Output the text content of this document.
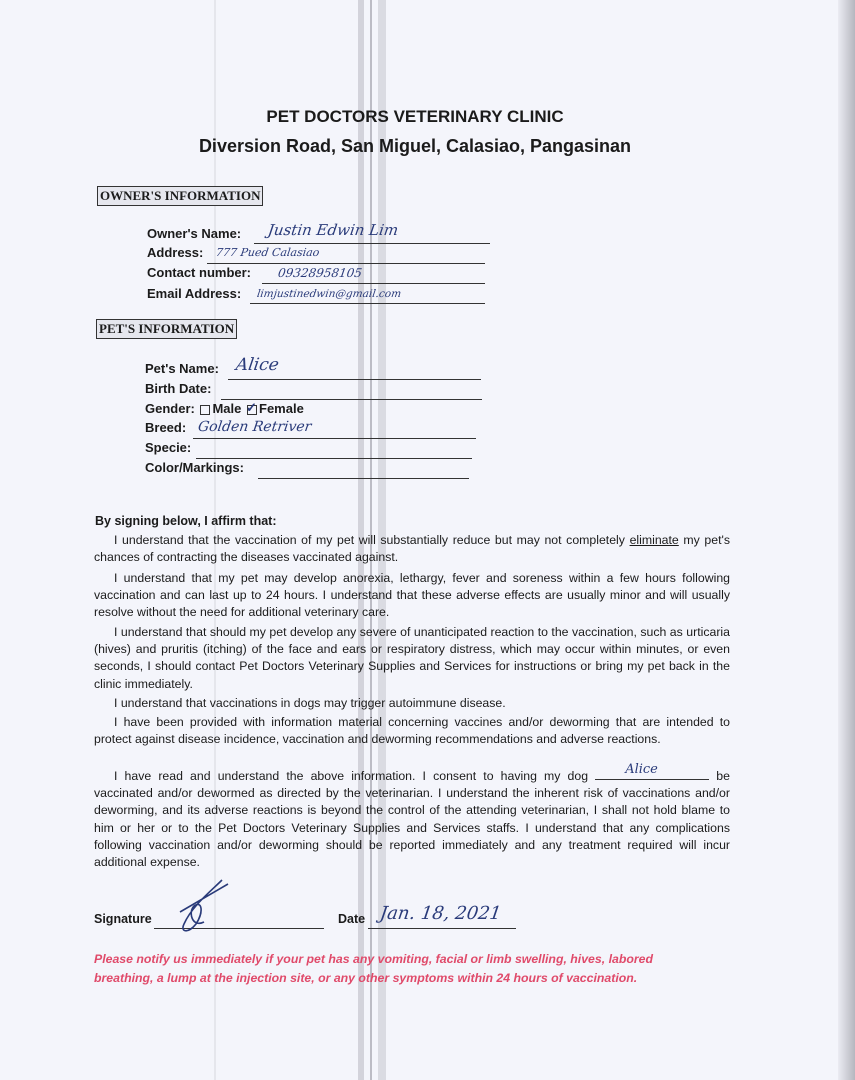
PET DOCTORS VETERINARY CLINIC
Diversion Road, San Miguel, Calasiao, Pangasinan
OWNER'S INFORMATION
Owner's Name: Justin Edwin Lim
Address: 777 Pued Calasiao
Contact number: 09328958105
Email Address: limjustinedwin@gmail.com
PET'S INFORMATION
Pet's Name: Alice
Birth Date:
Gender: Male ✓ Female
Breed: Golden Retriver
Specie:
Color/Markings:
By signing below, I affirm that:

I understand that the vaccination of my pet will substantially reduce but may not completely eliminate my pet's chances of contracting the diseases vaccinated against.

I understand that my pet may develop anorexia, lethargy, fever and soreness within a few hours following vaccination and can last up to 24 hours. I understand that these adverse effects are usually minor and will usually resolve without the need for additional veterinary care.

I understand that should my pet develop any severe of unanticipated reaction to the vaccination, such as urticaria (hives) and pruritis (itching) of the face and ears or respiratory distress, which may occur within minutes, or even seconds, I should contact Pet Doctors Veterinary Supplies and Services for instructions or bring my pet back in the clinic immediately.

I understand that vaccinations in dogs may trigger autoimmune disease.

I have been provided with information material concerning vaccines and/or deworming that are intended to protect against disease incidence, vaccination and deworming recommendations and adverse reactions.

I have read and understand the above information. I consent to having my dog	Alice	be vaccinated and/or dewormed as directed by the veterinarian. I understand the inherent risk of vaccinations and/or deworming, and its adverse reactions is beyond the control of the attending veterinarian, I shall not hold blame to him or her or to the Pet Doctors Veterinary Supplies and Services staffs. I understand that any complications following vaccination and/or deworming should be reported immediately and any treatment required will incur additional expense.

Signature	Date Jan. 18, 2021
Please notify us immediately if your pet has any vomiting, facial or limb swelling, hives, labored breathing, a lump at the injection site, or any other symptoms within 24 hours of vaccination.
